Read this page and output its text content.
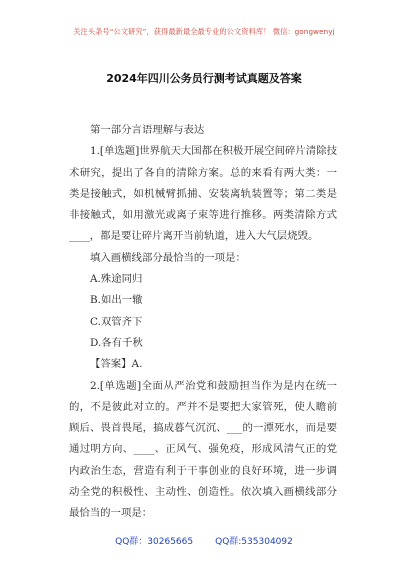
关注头条号“公文研究”，获得最新最全最专业的公文资料库！ 微信：gongwenyj
2024年四川公务员行测考试真题及答案

第一部分言语理解与表达

1.[单选题]世界航天大国都在积极开展空间碎片清除技术研究，提出了各自的清除方案。总的来看有两大类：一类是接触式，如机械臂抓捕、安装离轨装置等；第二类是非接触式，如用激光或离子束等进行推移。两类清除方式____，都是要让碎片离开当前轨道，进入大气层烧毁。

填入画横线部分最恰当的一项是：

A.殊途同归

B.如出一辙

C.双管齐下

D.各有千秋

【答案】A.

2.[单选题]全面从严治党和鼓励担当作为是内在统一的，不是彼此对立的。严并不是要把大家管死，使人瞻前顾后、畏首畏尾，搞成暮气沉沉、___的一潭死水，而是要通过明方向、____、正风气、强免疫，形成风清气正的党内政治生态，营造有利于干事创业的良好环境，进一步调动全党的积极性、主动性、创造性。依次填入画横线部分最恰当的一项是：

QQ群：30265665 QQ群:535304092
